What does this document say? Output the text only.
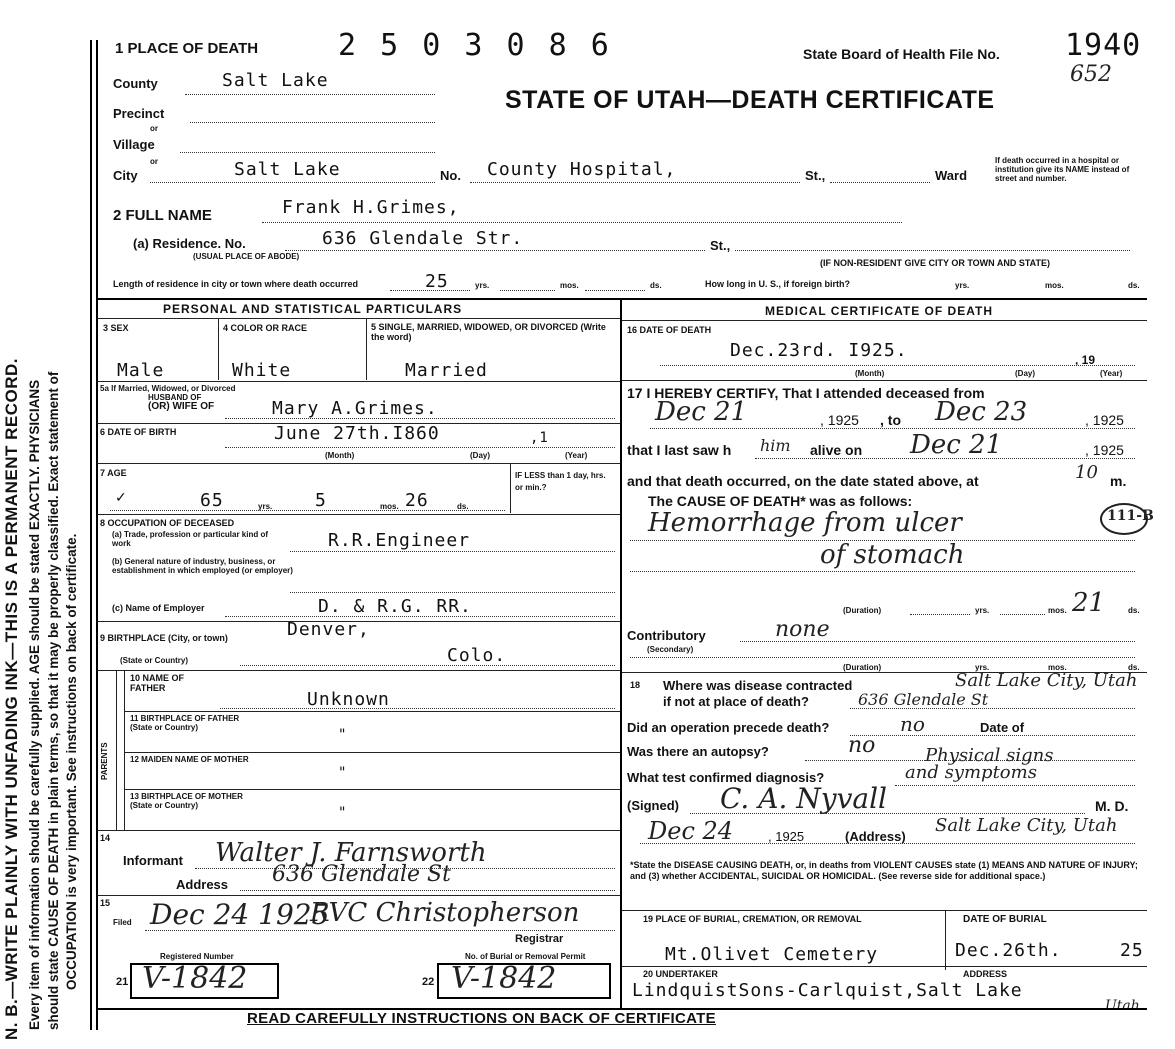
N. B.—WRITE PLAINLY WITH UNFADING INK—THIS IS A PERMANENT RECORD. Every item of information should be carefully supplied. AGE should be stated EXACTLY. PHYSICIANS should state CAUSE OF DEATH in plain terms, so that it may be properly classified. Exact statement of OCCUPATION is very important. See instructions on back of certificate.
1 PLACE OF DEATH	2 5 0 3 0 8 6	State Board of Health File No. 1940
652
STATE OF UTAH—DEATH CERTIFICATE
County	Salt Lake
Precinct
or
Village
or
City	Salt Lake	No. County Hospital,	St.,	Ward
If death occurred in a hospital or institution give its NAME instead of street and number.
2 FULL NAME	Frank H.Grimes,
(a) Residence. No.	636 Glendale Str.	St.,
(USUAL PLACE OF ABODE)
(IF NON-RESIDENT GIVE CITY OR TOWN AND STATE)
Length of residence in city or town where death occurred	25	yrs.	mos.	ds.	How long in U. S., if foreign birth?	yrs.	mos.	ds.
PERSONAL AND STATISTICAL PARTICULARS
3 SEX	4 COLOR OR RACE	5 SINGLE, MARRIED, WIDOWED, OR DIVORCED (Write the word)
Male	White	Married
5a If Married, Widowed, or Divorced
HUSBAND OF
(OR) WIFE OF	Mary A.Grimes.
6 DATE OF BIRTH	June 27th.I860	,1
(Month)	(Day)	(Year)
7 AGE
✓	65	yrs. 5	mos. 26	ds.
IF LESS than 1 day, hrs. or min.?
8 OCCUPATION OF DECEASED
(a) Trade, profession or particular kind of work	R.R.Engineer
(b) General nature of industry, business, or establishment in which employed (or employer)
(c) Name of Employer	D. & R.G. RR.
9 BIRTHPLACE (City, or town)	Denver,
(State or Country)	Colo.
PARENTS
10 NAME OF FATHER
Unknown
11 BIRTHPLACE OF FATHER (State or Country)	"
12 MAIDEN NAME OF MOTHER
"
13 BIRTHPLACE OF MOTHER (State or Country)	"
14
Informant Walter J. Farnsworth
Address 636 Glendale St
15
Filed Dec 24 1925
RVC Christopherson
Registrar
Registered Number	No. of Burial or Removal Permit
21 V-1842	22 V-1842
MEDICAL CERTIFICATE OF DEATH
16 DATE OF DEATH
Dec.23rd. I925.	, 19
(Month)	(Day)	(Year)
17 I HEREBY CERTIFY, That I attended deceased from
Dec 21	, 1925 , to Dec 23	, 1925
that I last saw h him alive on Dec 21	, 1925
and that death occurred, on the date stated above, at	10 m.
The CAUSE OF DEATH* was as follows:
Hemorrhage from ulcer	111-B
of stomach
(Duration)	yrs.	mos. 21	ds.
Contributory
(Secondary)
none
(Duration)	yrs.	mos.	ds.
18 Where was disease contracted	Salt Lake City, Utah
if not at place of death?	636 Glendale St
Did an operation precede death?	no	Date of
Was there an autopsy?	no	Physical signs
What test confirmed diagnosis?	and symptoms
(Signed) C. A. Nyvall	M. D.
Dec 24	, 1925	(Address)
Salt Lake City, Utah
*State the DISEASE CAUSING DEATH, or, in deaths from VIOLENT CAUSES state (1) MEANS AND NATURE OF INJURY; and (3) whether ACCIDENTAL, SUICIDAL OR HOMICIDAL. (See reverse side for additional space.)
19 PLACE OF BURIAL, CREMATION, OR REMOVAL
Mt.Olivet Cemetery
DATE OF BURIAL
Dec.26th.	25
20 UNDERTAKER	ADDRESS
LindquistSons-Carlquist,Salt Lake
Utah
READ CAREFULLY INSTRUCTIONS ON BACK OF CERTIFICATE
